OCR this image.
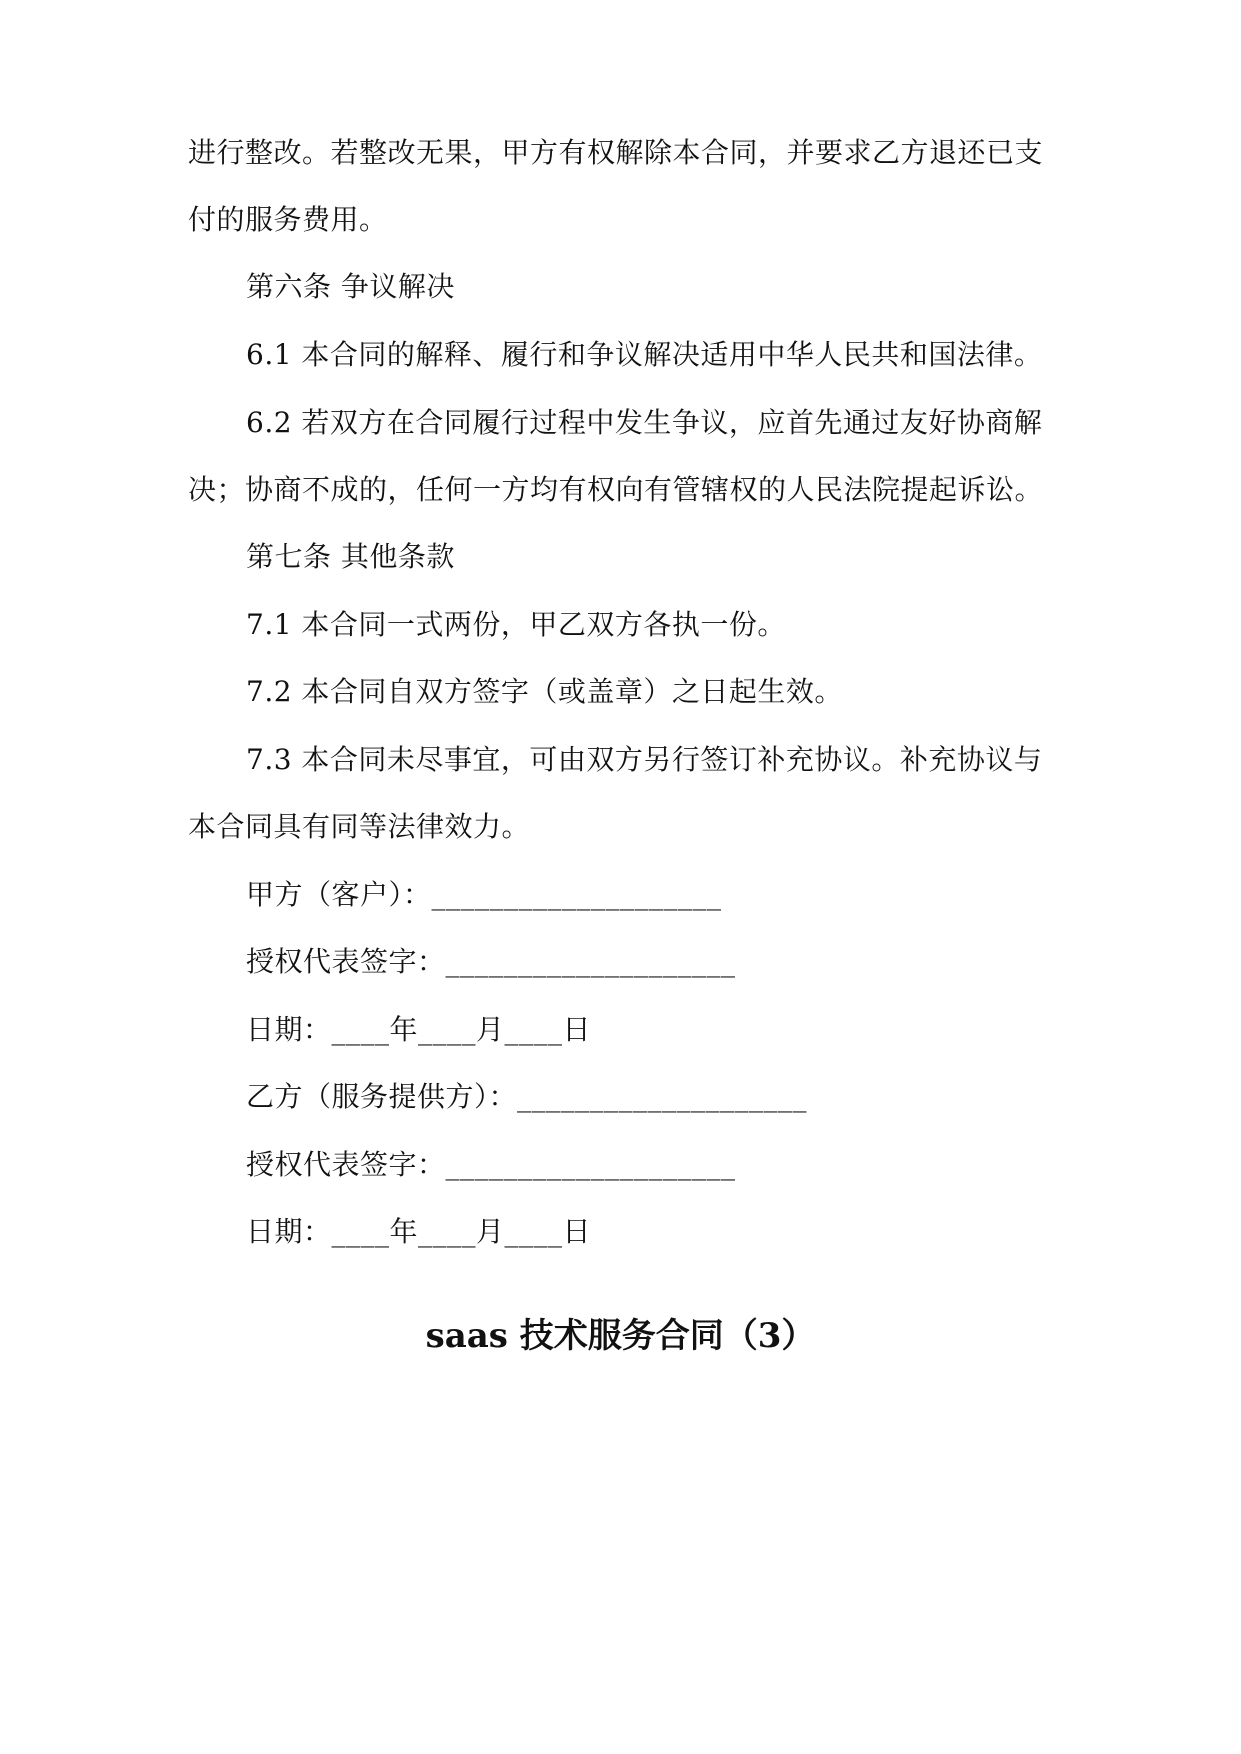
进行整改。若整改无果，甲方有权解除本合同，并要求乙方退还已支
付的服务费用。
第六条 争议解决
6.1 本合同的解释、履行和争议解决适用中华人民共和国法律。
6.2 若双方在合同履行过程中发生争议，应首先通过友好协商解
决；协商不成的，任何一方均有权向有管辖权的人民法院提起诉讼。
第七条 其他条款
7.1 本合同一式两份，甲乙双方各执一份。
7.2 本合同自双方签字（或盖章）之日起生效。
7.3 本合同未尽事宜，可由双方另行签订补充协议。补充协议与
本合同具有同等法律效力。
甲方（客户）：____________________
授权代表签字：____________________
日期：____年____月____日
乙方（服务提供方）：____________________
授权代表签字：____________________
日期：____年____月____日
saas 技术服务合同（3）
